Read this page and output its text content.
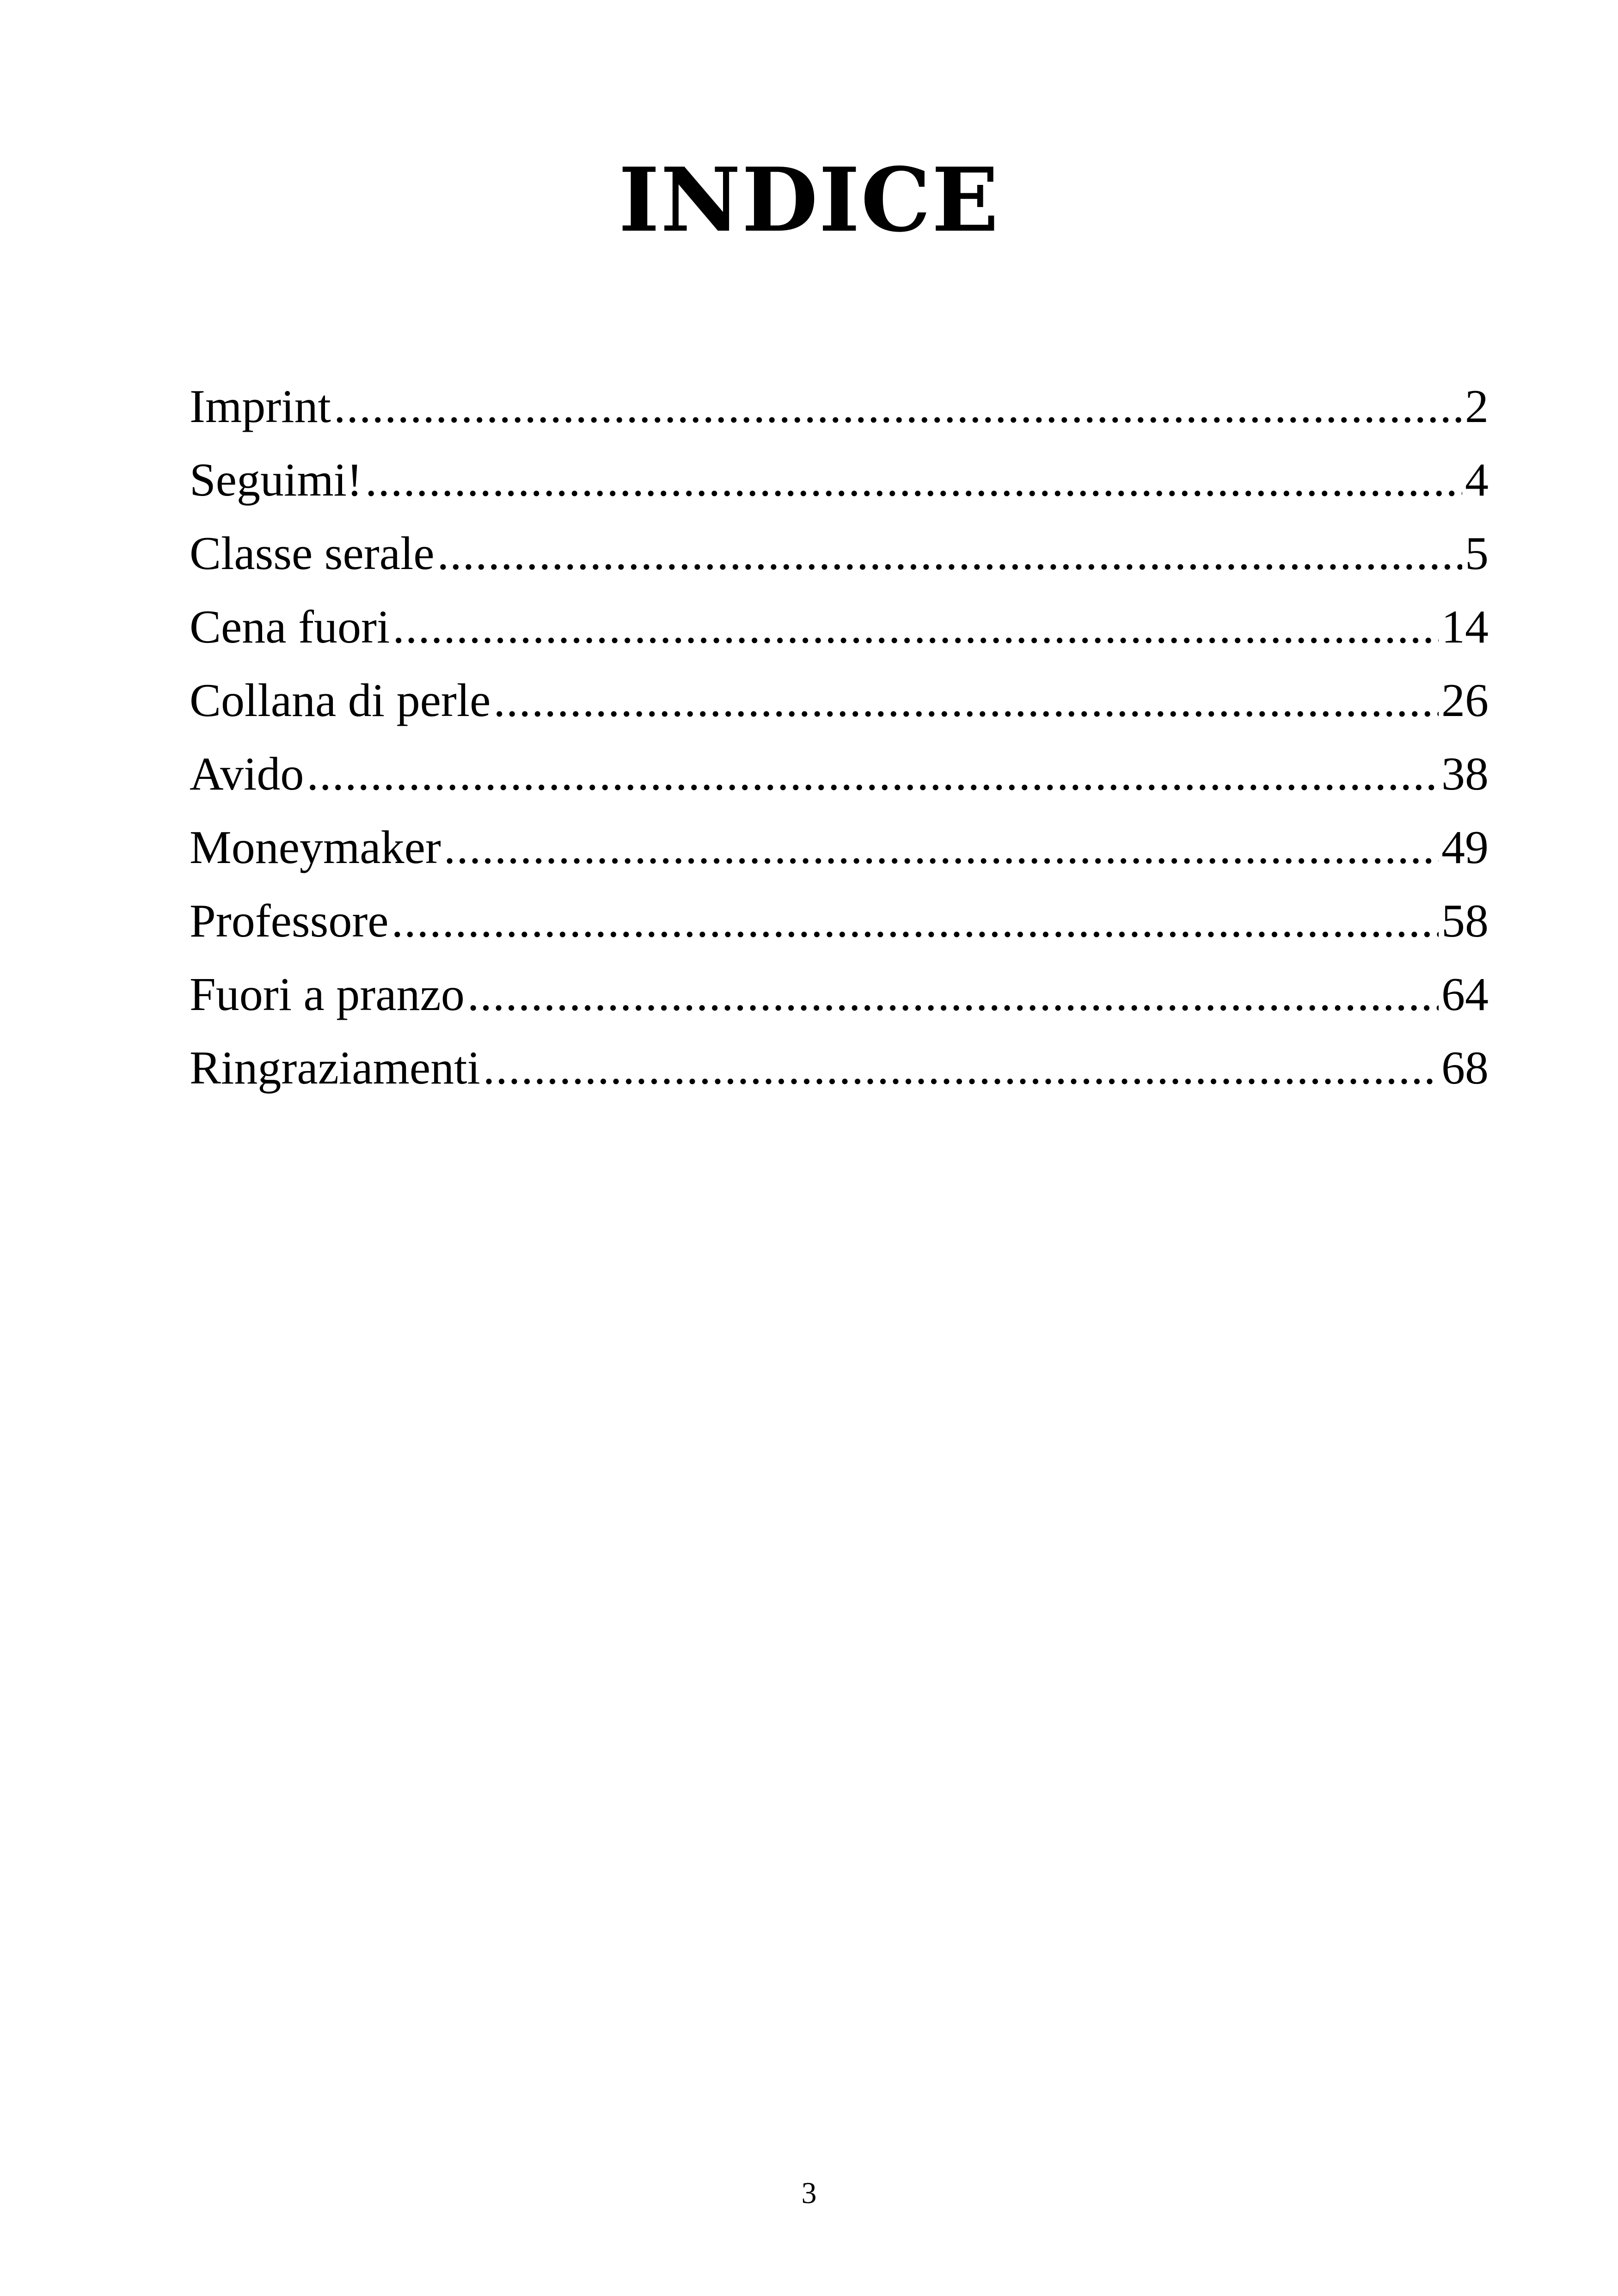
INDICE
Imprint .....	2
Seguimi! .....	4
Classe serale .....	5
Cena fuori .....	14
Collana di perle .....	26
Avido .....	38
Moneymaker .....	49
Professore .....	58
Fuori a pranzo .....	64
Ringraziamenti .....	68
3
